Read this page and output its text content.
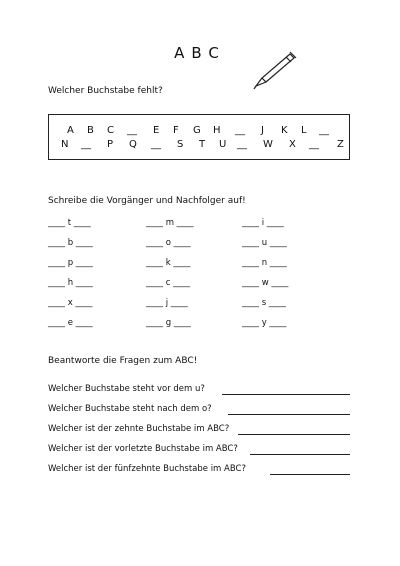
ABC
Welcher Buchstabe fehlt?
A B C __ E F G H __ J K L __
N __ P Q __ S T U __ W X __ Z
Schreibe die Vorgänger und Nachfolger auf!
____ t ____
____ b ____
____ p ____
____ h ____
____ x ____
____ e ____
____ m ____
____ o ____
____ k ____
____ c ____
____ j ____
____ g ____
____ i ____
____ u ____
____ n ____
____ w ____
____ s ____
____ y ____
Beantworte die Fragen zum ABC!
Welcher Buchstabe steht vor dem u?
Welcher Buchstabe steht nach dem o?
Welcher ist der zehnte Buchstabe im ABC?
Welcher ist der vorletzte Buchstabe im ABC?
Welcher ist der fünfzehnte Buchstabe im ABC?
